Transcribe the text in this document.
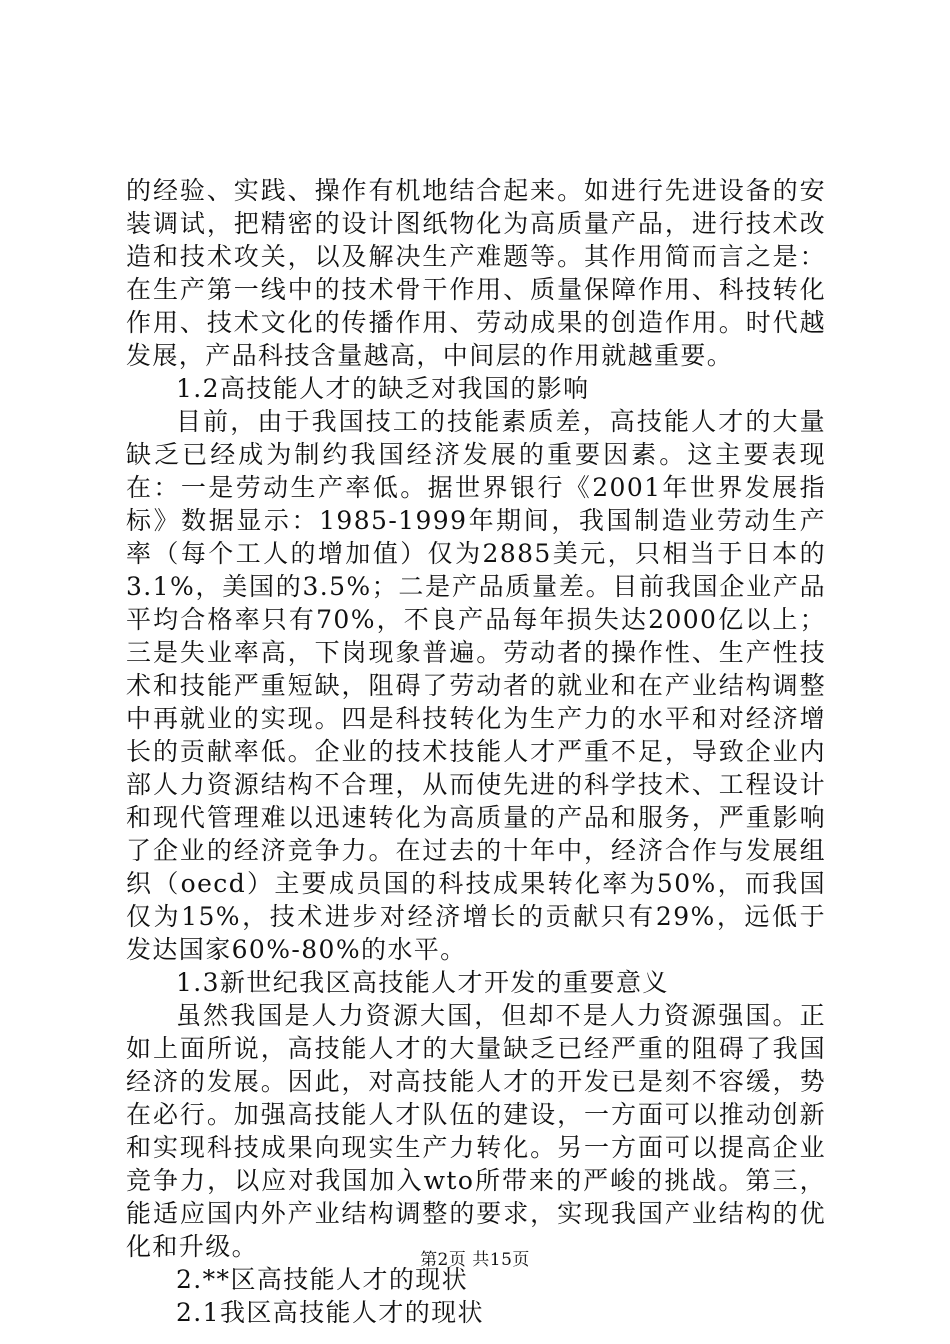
的经验、实践、操作有机地结合起来。如进行先进设备的安装调试，把精密的设计图纸物化为高质量产品，进行技术改造和技术攻关，以及解决生产难题等。其作用简而言之是：在生产第一线中的技术骨干作用、质量保障作用、科技转化作用、技术文化的传播作用、劳动成果的创造作用。时代越发展，产品科技含量越高，中间层的作用就越重要。

1.2高技能人才的缺乏对我国的影响

目前，由于我国技工的技能素质差，高技能人才的大量缺乏已经成为制约我国经济发展的重要因素。这主要表现在：一是劳动生产率低。据世界银行《2001年世界发展指标》数据显示：1985-1999年期间，我国制造业劳动生产率（每个工人的增加值）仅为2885美元，只相当于日本的3.1%，美国的3.5%；二是产品质量差。目前我国企业产品平均合格率只有70%，不良产品每年损失达2000亿以上；三是失业率高，下岗现象普遍。劳动者的操作性、生产性技术和技能严重短缺，阻碍了劳动者的就业和在产业结构调整中再就业的实现。四是科技转化为生产力的水平和对经济增长的贡献率低。企业的技术技能人才严重不足，导致企业内部人力资源结构不合理，从而使先进的科学技术、工程设计和现代管理难以迅速转化为高质量的产品和服务，严重影响了企业的经济竞争力。在过去的十年中，经济合作与发展组织（oecd）主要成员国的科技成果转化率为50%，而我国仅为15%，技术进步对经济增长的贡献只有29%，远低于发达国家60%-80%的水平。

1.3新世纪我区高技能人才开发的重要意义

虽然我国是人力资源大国，但却不是人力资源强国。正如上面所说，高技能人才的大量缺乏已经严重的阻碍了我国经济的发展。因此，对高技能人才的开发已是刻不容缓，势在必行。加强高技能人才队伍的建设，一方面可以推动创新和实现科技成果向现实生产力转化。另一方面可以提高企业竞争力，以应对我国加入wto所带来的严峻的挑战。第三，能适应国内外产业结构调整的要求，实现我国产业结构的优化和升级。

2.**区高技能人才的现状

2.1我区高技能人才的现状

第2页 共15页
